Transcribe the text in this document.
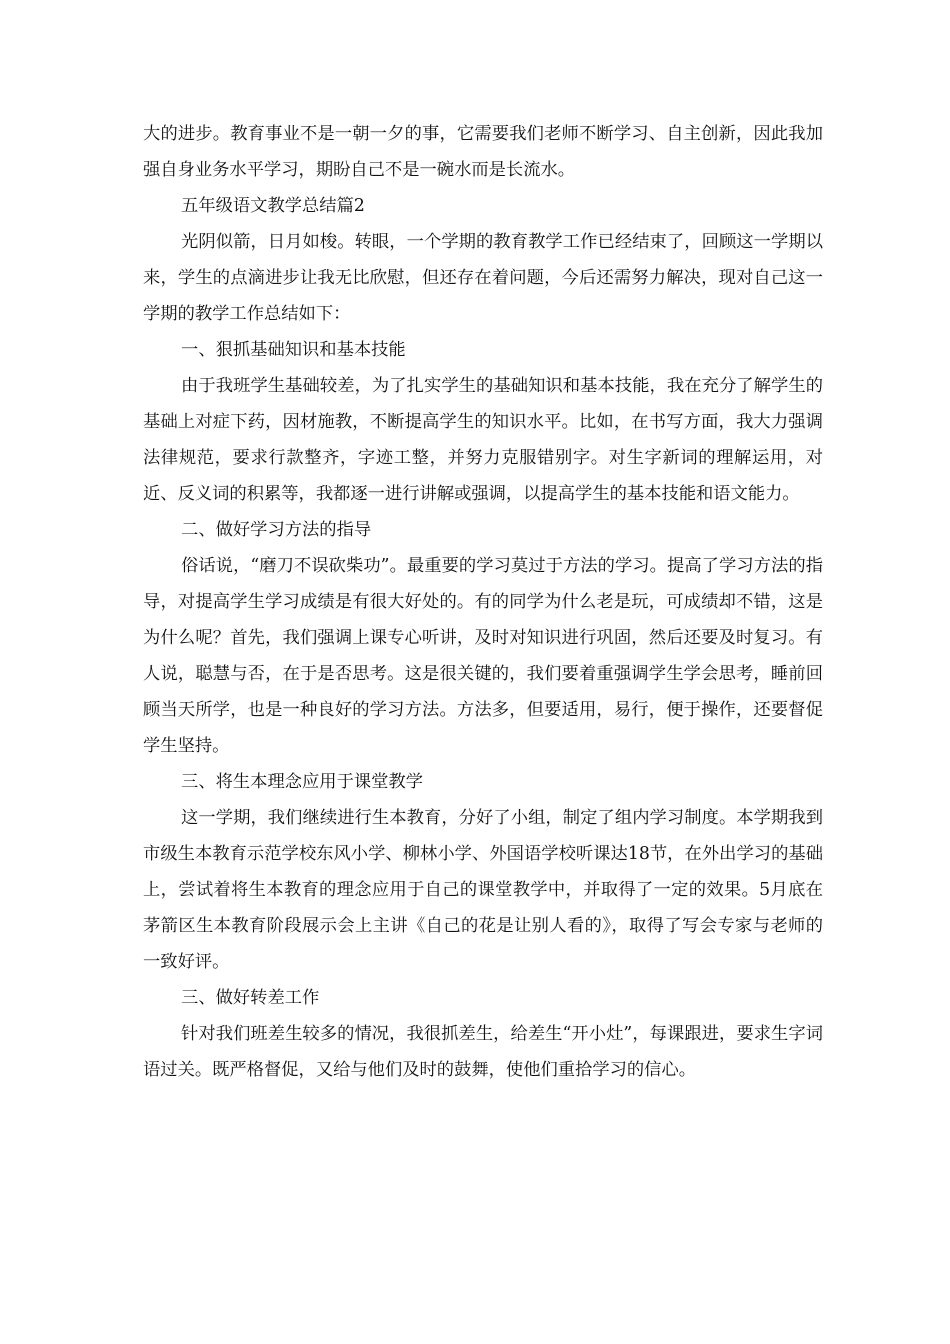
大的进步。教育事业不是一朝一夕的事，它需要我们老师不断学习、自主创新，因此我加强自身业务水平学习，期盼自己不是一碗水而是长流水。

五年级语文教学总结篇2

光阴似箭，日月如梭。转眼，一个学期的教育教学工作已经结束了，回顾这一学期以来，学生的点滴进步让我无比欣慰，但还存在着问题，今后还需努力解决，现对自己这一学期的教学工作总结如下：

一、狠抓基础知识和基本技能

由于我班学生基础较差，为了扎实学生的基础知识和基本技能，我在充分了解学生的基础上对症下药，因材施教，不断提高学生的知识水平。比如，在书写方面，我大力强调法律规范，要求行款整齐，字迹工整，并努力克服错别字。对生字新词的理解运用，对近、反义词的积累等，我都逐一进行讲解或强调，以提高学生的基本技能和语文能力。

二、做好学习方法的指导

俗话说，“磨刀不误砍柴功”。最重要的学习莫过于方法的学习。提高了学习方法的指导，对提高学生学习成绩是有很大好处的。有的同学为什么老是玩，可成绩却不错，这是为什么呢？首先，我们强调上课专心听讲，及时对知识进行巩固，然后还要及时复习。有人说，聪慧与否，在于是否思考。这是很关键的，我们要着重强调学生学会思考，睡前回顾当天所学，也是一种良好的学习方法。方法多，但要适用，易行，便于操作，还要督促学生坚持。

三、将生本理念应用于课堂教学

这一学期，我们继续进行生本教育，分好了小组，制定了组内学习制度。本学期我到市级生本教育示范学校东风小学、柳林小学、外国语学校听课达18节，在外出学习的基础上，尝试着将生本教育的理念应用于自己的课堂教学中，并取得了一定的效果。5月底在茅箭区生本教育阶段展示会上主讲《自己的花是让别人看的》，取得了写会专家与老师的一致好评。

三、做好转差工作

针对我们班差生较多的情况，我很抓差生，给差生“开小灶”，每课跟进，要求生字词语过关。既严格督促，又给与他们及时的鼓舞，使他们重拾学习的信心。
